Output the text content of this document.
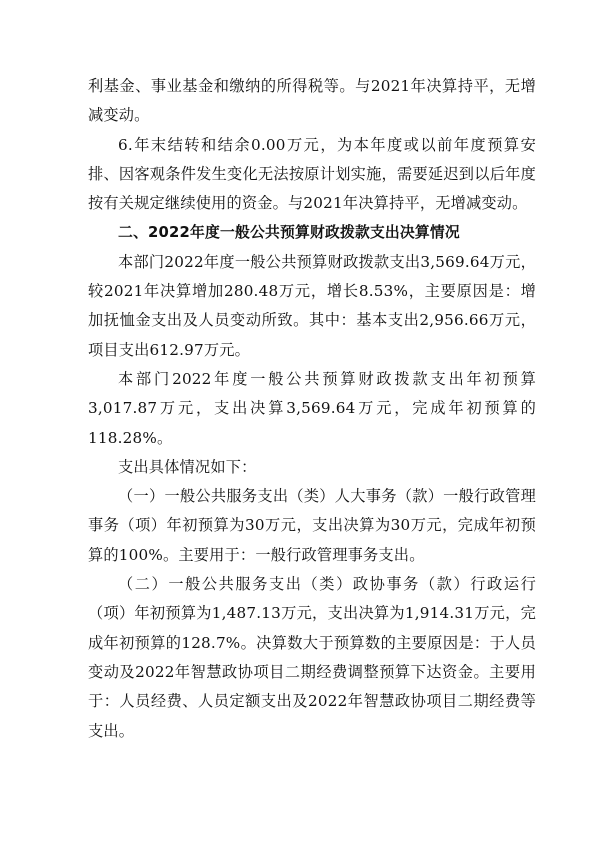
利基金、事业基金和缴纳的所得税等。与2021年决算持平，无增减变动。

6.年末结转和结余0.00万元，为本年度或以前年度预算安排、因客观条件发生变化无法按原计划实施，需要延迟到以后年度按有关规定继续使用的资金。与2021年决算持平，无增减变动。

二、2022年度一般公共预算财政拨款支出决算情况

本部门2022年度一般公共预算财政拨款支出3,569.64万元，较2021年决算增加280.48万元，增长8.53%，主要原因是：增加抚恤金支出及人员变动所致。其中：基本支出2,956.66万元，项目支出612.97万元。

本部门2022年度一般公共预算财政拨款支出年初预算3,017.87万元，支出决算3,569.64万元，完成年初预算的118.28%。

支出具体情况如下：

（一）一般公共服务支出（类）人大事务（款）一般行政管理事务（项）年初预算为30万元，支出决算为30万元，完成年初预算的100%。主要用于：一般行政管理事务支出。

（二）一般公共服务支出（类）政协事务（款）行政运行（项）年初预算为1,487.13万元，支出决算为1,914.31万元，完成年初预算的128.7%。决算数大于预算数的主要原因是：于人员变动及2022年智慧政协项目二期经费调整预算下达资金。主要用于：人员经费、人员定额支出及2022年智慧政协项目二期经费等支出。
